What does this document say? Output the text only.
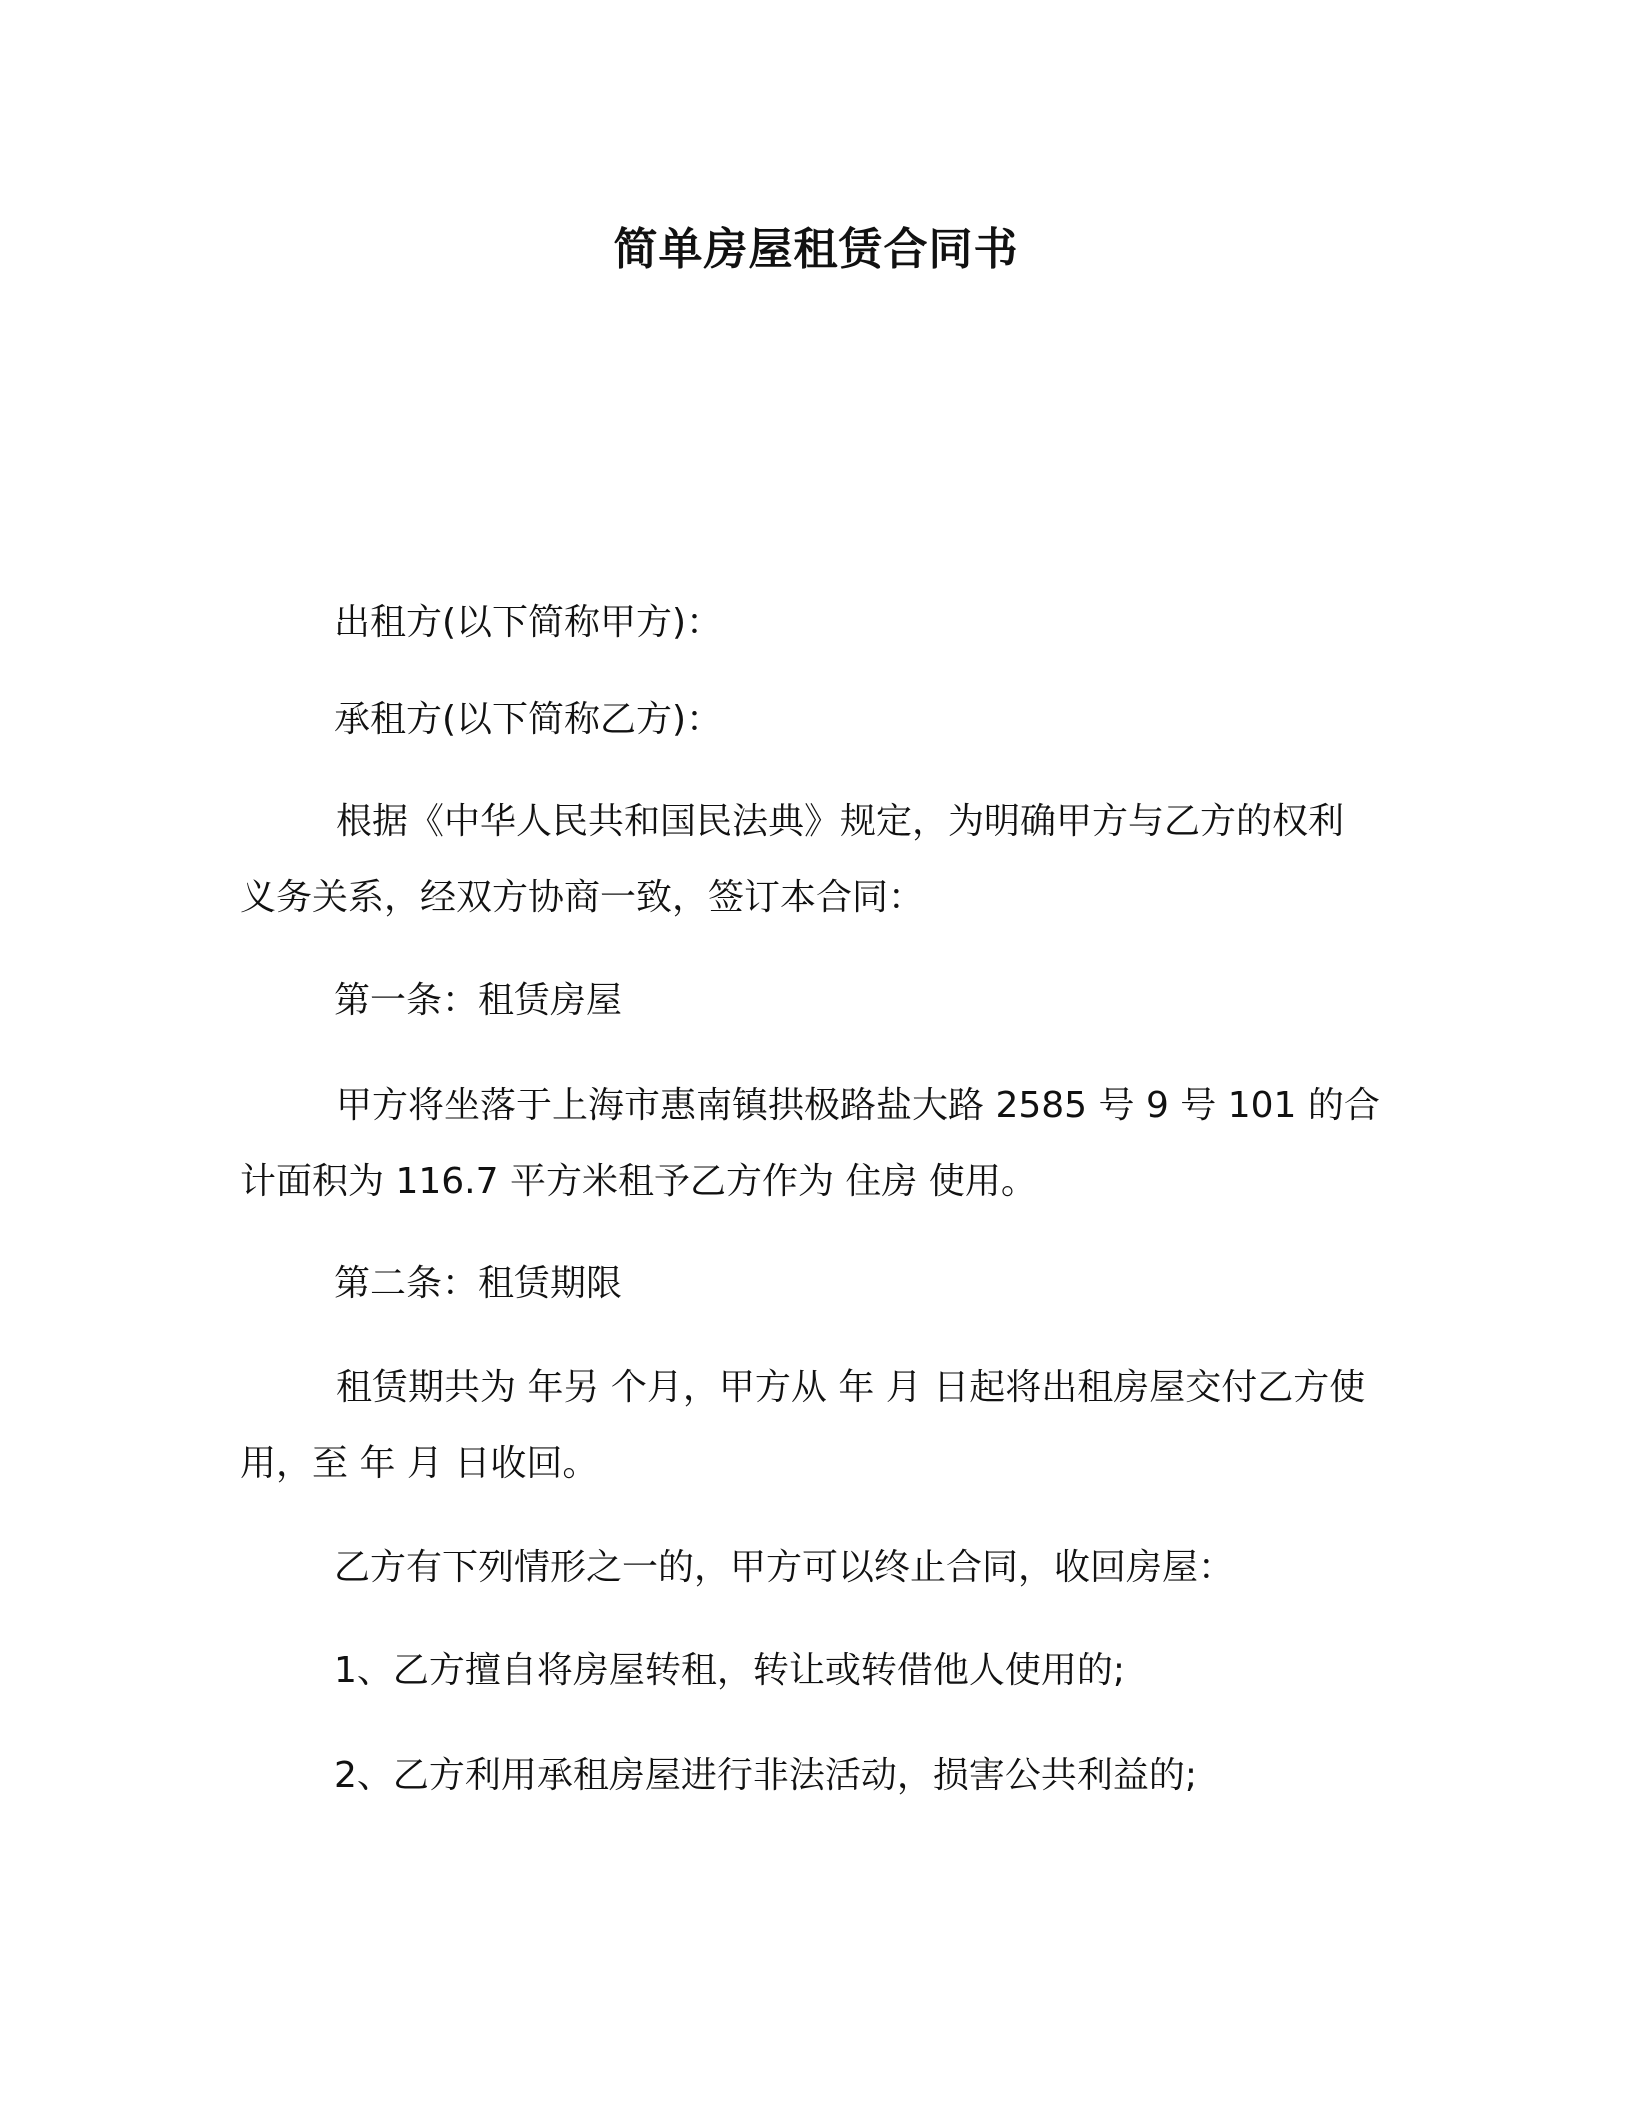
简单房屋租赁合同书
出租方(以下简称甲方)：
承租方(以下简称乙方)：
根据《中华人民共和国民法典》规定，为明确甲方与乙方的权利
义务关系，经双方协商一致，签订本合同：
第一条：租赁房屋
甲方将坐落于上海市惠南镇拱极路盐大路 2585 号 9 号 101 的合
计面积为 116.7 平方米租予乙方作为 住房 使用。
第二条：租赁期限
租赁期共为 年另 个月，甲方从 年 月 日起将出租房屋交付乙方使
用，至 年 月 日收回。
乙方有下列情形之一的，甲方可以终止合同，收回房屋：
1、乙方擅自将房屋转租，转让或转借他人使用的;
2、乙方利用承租房屋进行非法活动，损害公共利益的;
